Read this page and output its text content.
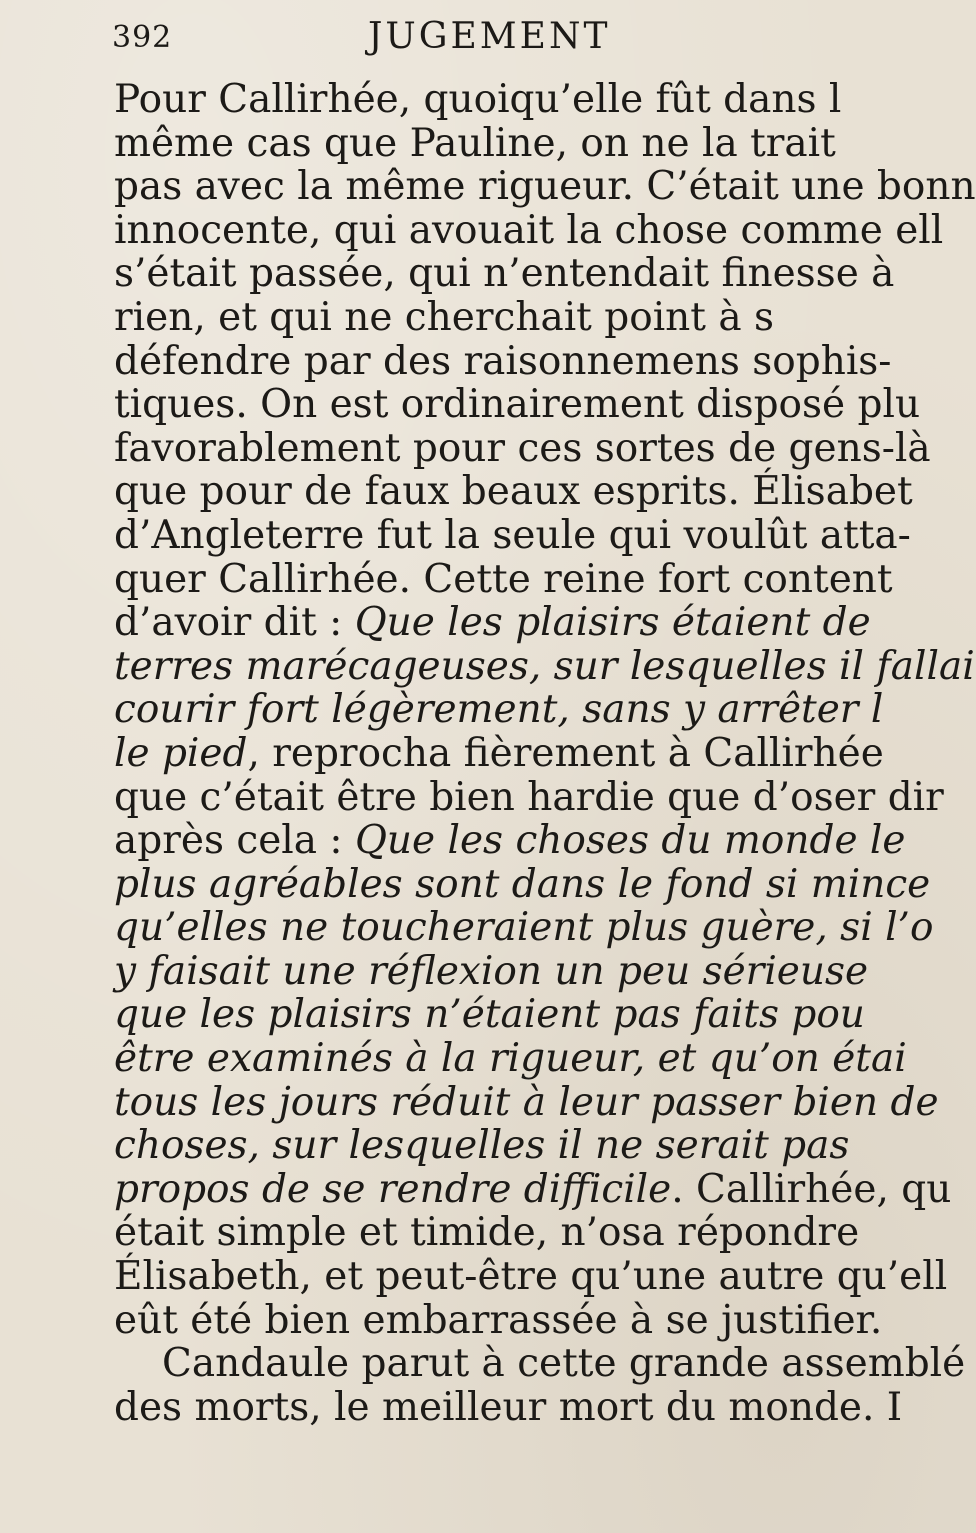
392	JUGEMENT
Pour Callirhée, quoiqu’elle fût dans l
même cas que Pauline, on ne la trait
pas avec la même rigueur. C’était une bonn
innocente, qui avouait la chose comme ell
s’était passée, qui n’entendait finesse à
rien, et qui ne cherchait point à s
défendre par des raisonnemens sophis-
tiques. On est ordinairement disposé plu
favorablement pour ces sortes de gens-là
que pour de faux beaux esprits. Élisabet
d’Angleterre fut la seule qui voulût atta-
quer Callirhée. Cette reine fort content
d’avoir dit : Que les plaisirs étaient de
terres marécageuses, sur lesquelles il fallai
courir fort légèrement, sans y arrêter l
le pied, reprocha fièrement à Callirhée
que c’était être bien hardie que d’oser dir
après cela : Que les choses du monde le
plus agréables sont dans le fond si mince
qu’elles ne toucheraient plus guère, si l’o
y faisait une réflexion un peu sérieuse
que les plaisirs n’étaient pas faits pou
être examinés à la rigueur, et qu’on étai
tous les jours réduit à leur passer bien de
choses, sur lesquelles il ne serait pas
propos de se rendre difficile. Callirhée, qu
était simple et timide, n’osa répondre
Élisabeth, et peut-être qu’une autre qu’ell
eût été bien embarrassée à se justifier.
Candaule parut à cette grande assemblé
des morts, le meilleur mort du monde. I
